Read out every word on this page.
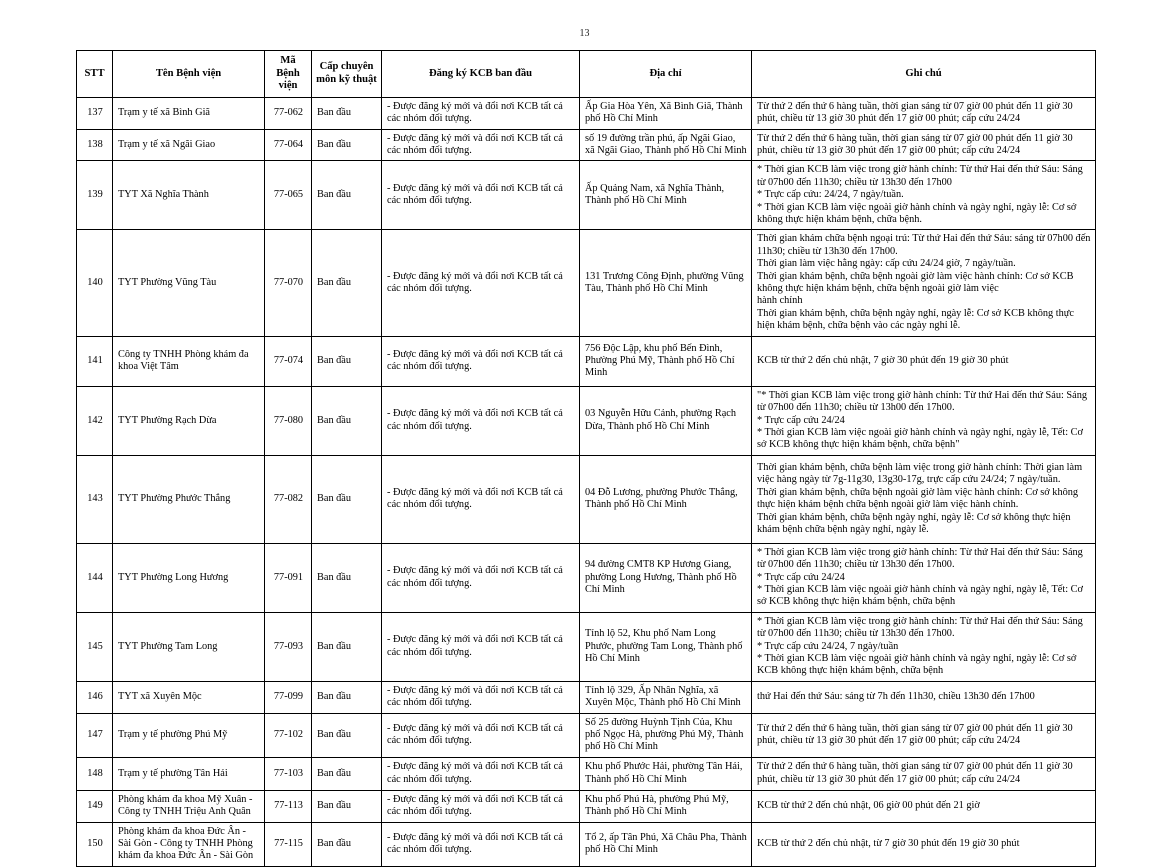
13
STT	Tên Bệnh viện	Mã Bệnh viện	Cấp chuyên môn kỹ thuật	Đăng ký KCB ban đầu	Địa chỉ	Ghi chú

137	Trạm y tế xã Bình Giã	77-062	Ban đầu	- Được đăng ký mới và đổi nơi KCB tất cả các nhóm đối tượng.	Ấp Gia Hòa Yên, Xã Bình Giã, Thành phố Hồ Chí Minh	Từ thứ 2 đến thứ 6 hàng tuần, thời gian sáng từ 07 giờ 00 phút đến 11 giờ 30 phút, chiều từ 13 giờ 30 phút đến 17 giờ 00 phút; cấp cứu 24/24

138	Trạm y tế xã Ngãi Giao	77-064	Ban đầu	- Được đăng ký mới và đổi nơi KCB tất cả các nhóm đối tượng.	số 19 đường trần phú, ấp Ngãi Giao, xã Ngãi Giao, Thành phố Hồ Chí Minh	Từ thứ 2 đến thứ 6 hàng tuần, thời gian sáng từ 07 giờ 00 phút đến 11 giờ 30 phút, chiều từ 13 giờ 30 phút đến 17 giờ 00 phút; cấp cứu 24/24

139	TYT Xã Nghĩa Thành	77-065	Ban đầu	- Được đăng ký mới và đổi nơi KCB tất cả các nhóm đối tượng.	Ấp Quảng Nam, xã Nghĩa Thành, Thành phố Hồ Chí Minh	* Thời gian KCB làm việc trong giờ hành chính: Từ thứ Hai đến thứ Sáu: Sáng từ 07h00 đến 11h30; chiều từ 13h30 đến 17h00
* Trực cấp cứu: 24/24, 7 ngày/tuần.
* Thời gian KCB làm việc ngoài giờ hành chính và ngày nghỉ, ngày lễ: Cơ sở không thực hiện khám bệnh, chữa bệnh.

140	TYT Phường Vũng Tàu	77-070	Ban đầu	- Được đăng ký mới và đổi nơi KCB tất cả các nhóm đối tượng.	131 Trương Công Định, phường Vũng Tàu, Thành phố Hồ Chí Minh	Thời gian khám chữa bệnh ngoại trú: Từ thứ Hai đến thứ Sáu: sáng từ 07h00 đến 11h30; chiều từ 13h30 đến 17h00.
Thời gian làm việc hằng ngày: cấp cứu 24/24 giờ, 7 ngày/tuần.
Thời gian khám bệnh, chữa bệnh ngoài giờ làm việc hành chính: Cơ sở KCB không thực hiện khám bệnh, chữa bệnh ngoài giờ làm việc
hành chính
Thời gian khám bệnh, chữa bệnh ngày nghỉ, ngày lễ: Cơ sở KCB không thực hiện khám bệnh, chữa bệnh vào các ngày nghỉ lễ.

141	Công ty TNHH Phòng khám đa khoa Việt Tâm	77-074	Ban đầu	- Được đăng ký mới và đổi nơi KCB tất cả các nhóm đối tượng.	756 Độc Lập, khu phố Bến Đình, Phường Phú Mỹ, Thành phố Hồ Chí Minh	KCB từ thứ 2 đến chủ nhật, 7 giờ 30 phút đến 19 giờ 30 phút

142	TYT Phường Rạch Dừa	77-080	Ban đầu	- Được đăng ký mới và đổi nơi KCB tất cả các nhóm đối tượng.	03 Nguyễn Hữu Cảnh, phường Rạch Dừa, Thành phố Hồ Chí Minh	"* Thời gian KCB làm việc trong giờ hành chính: Từ thứ Hai đến thứ Sáu: Sáng từ 07h00 đến 11h30; chiều từ 13h00 đến 17h00.
* Trực cấp cứu 24/24
* Thời gian KCB làm việc ngoài giờ hành chính và ngày nghỉ, ngày lễ, Tết: Cơ sở KCB không thực hiện khám bệnh, chữa bệnh"

143	TYT Phường Phước Thắng	77-082	Ban đầu	- Được đăng ký mới và đổi nơi KCB tất cả các nhóm đối tượng.	04 Đỗ Lương, phường Phước Thắng, Thành phố Hồ Chí Minh	Thời gian khám bệnh, chữa bệnh làm việc trong giờ hành chính: Thời gian làm việc hàng ngày từ 7g-11g30, 13g30-17g, trực cấp cứu 24/24; 7 ngày/tuần.
Thời gian khám bệnh, chữa bệnh ngoài giờ làm việc hành chính: Cơ sở không thực hiện khám bệnh chữa bệnh ngoài giờ làm việc hành chính.
Thời gian khám bệnh, chữa bệnh ngày nghỉ, ngày lễ: Cơ sở không thực hiện khám bệnh chữa bệnh ngày nghỉ, ngày lễ.

144	TYT Phường Long Hương	77-091	Ban đầu	- Được đăng ký mới và đổi nơi KCB tất cả các nhóm đối tượng.	94 đường CMT8 KP Hương Giang, phường Long Hương, Thành phố Hồ Chí Minh	* Thời gian KCB làm việc trong giờ hành chính: Từ thứ Hai đến thứ Sáu: Sáng từ 07h00 đến 11h30; chiều từ 13h30 đến 17h00.
* Trực cấp cứu 24/24
* Thời gian KCB làm việc ngoài giờ hành chính và ngày nghỉ, ngày lễ, Tết: Cơ sở KCB không thực hiện khám bệnh, chữa bệnh

145	TYT Phường Tam Long	77-093	Ban đầu	- Được đăng ký mới và đổi nơi KCB tất cả các nhóm đối tượng.	Tỉnh lộ 52, Khu phố Nam Long Phước, phường Tam Long, Thành phố Hồ Chí Minh	* Thời gian KCB làm việc trong giờ hành chính: Từ thứ Hai đến thứ Sáu: Sáng từ 07h00 đến 11h30; chiều từ 13h30 đến 17h00.
* Trực cấp cứu 24/24, 7 ngày/tuần
* Thời gian KCB làm việc ngoài giờ hành chính và ngày nghỉ, ngày lễ: Cơ sở KCB không thực hiện khám bệnh, chữa bệnh

146	TYT xã Xuyên Mộc	77-099	Ban đầu	- Được đăng ký mới và đổi nơi KCB tất cả các nhóm đối tượng.	Tỉnh lộ 329, Ấp Nhân Nghĩa, xã Xuyên Mộc, Thành phố Hồ Chí Minh	thứ Hai đến thứ Sáu: sáng từ 7h đến 11h30, chiều 13h30 đến 17h00

147	Trạm y tế phường Phú Mỹ	77-102	Ban đầu	- Được đăng ký mới và đổi nơi KCB tất cả các nhóm đối tượng.	Số 25 đường Huỳnh Tịnh Của, Khu phố Ngọc Hà, phường Phú Mỹ, Thành phố Hồ Chí Minh	Từ thứ 2 đến thứ 6 hàng tuần, thời gian sáng từ 07 giờ 00 phút đến 11 giờ 30 phút, chiều từ 13 giờ 30 phút đến 17 giờ 00 phút; cấp cứu 24/24

148	Trạm y tế phường Tân Hải	77-103	Ban đầu	- Được đăng ký mới và đổi nơi KCB tất cả các nhóm đối tượng.	Khu phố Phước Hải, phường Tân Hải, Thành phố Hồ Chí Minh	Từ thứ 2 đến thứ 6 hàng tuần, thời gian sáng từ 07 giờ 00 phút đến 11 giờ 30 phút, chiều từ 13 giờ 30 phút đến 17 giờ 00 phút; cấp cứu 24/24

149	Phòng khám đa khoa Mỹ Xuân - Công ty TNHH Triệu Anh Quân	77-113	Ban đầu	- Được đăng ký mới và đổi nơi KCB tất cả các nhóm đối tượng.	Khu phố Phú Hà, phường Phú Mỹ, Thành phố Hồ Chí Minh	KCB từ thứ 2 đến chủ nhật, 06 giờ 00 phút đến 21 giờ

150	Phòng khám đa khoa Đức Ân - Sài Gòn - Công ty TNHH Phòng khám đa khoa Đức Ân - Sài Gòn	77-115	Ban đầu	- Được đăng ký mới và đổi nơi KCB tất cả các nhóm đối tượng.	Tổ 2, ấp Tân Phú, Xã Châu Pha, Thành phố Hồ Chí Minh	KCB từ thứ 2 đến chủ nhật, từ 7 giờ 30 phút đến 19 giờ 30 phút
